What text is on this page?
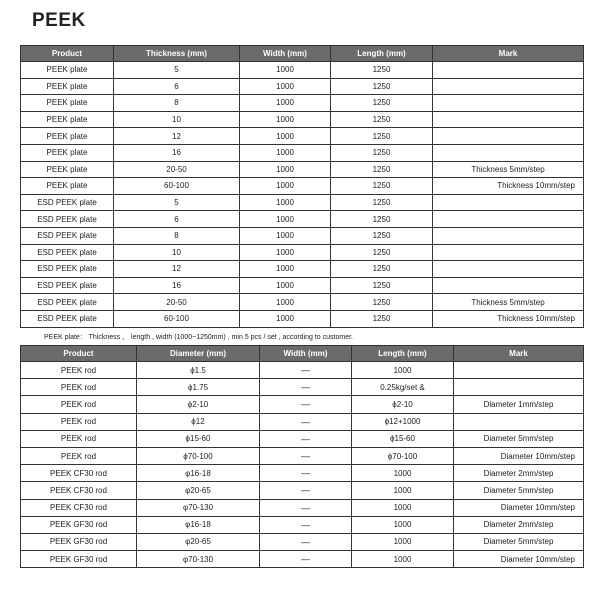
PEEK
Product	Thickness (mm)	Width (mm)	Length (mm)	Mark
PEEK plate	5	1000	1250	
PEEK plate	6	1000	1250	
PEEK plate	8	1000	1250	
PEEK plate	10	1000	1250	
PEEK plate	12	1000	1250	
PEEK plate	16	1000	1250	
PEEK plate	20-50	1000	1250	Thickness 5mm/step
PEEK plate	60-100	1000	1250	Thickness 10mm/step
ESD PEEK plate	5	1000	1250	
ESD PEEK plate	6	1000	1250	
ESD PEEK plate	8	1000	1250	
ESD PEEK plate	10	1000	1250	
ESD PEEK plate	12	1000	1250	
ESD PEEK plate	16	1000	1250	
ESD PEEK plate	20-50	1000	1250	Thickness 5mm/step
ESD PEEK plate	60-100	1000	1250	Thickness 10mm/step
PEEK plate： Thickness 、 length , width (1000~1250mm) , min 5 pcs / set , according to customer.
Product	Diameter (mm)	Width (mm)	Length (mm)	Mark
PEEK rod	ϕ1.5	—	1000	
PEEK rod	ϕ1.75	—	0.25kg/set &	
PEEK rod	ϕ2-10	—	ϕ2-10	Diameter 1mm/step
PEEK rod	ϕ12	—	ϕ12+1000	
PEEK rod	ϕ15-60	—	ϕ15-60	Diameter 5mm/step
PEEK rod	ϕ70-100	—	ϕ70-100	Diameter 10mm/step
PEEK CF30 rod	φ16-18	—	1000	Diameter 2mm/step
PEEK CF30 rod	φ20-65	—	1000	Diameter 5mm/step
PEEK CF30 rod	φ70-130	—	1000	Diameter 10mm/step
PEEK GF30 rod	φ16-18	—	1000	Diameter 2mm/step
PEEK GF30 rod	φ20-65	—	1000	Diameter 5mm/step
PEEK GF30 rod	φ70-130	—	1000	Diameter 10mm/step
